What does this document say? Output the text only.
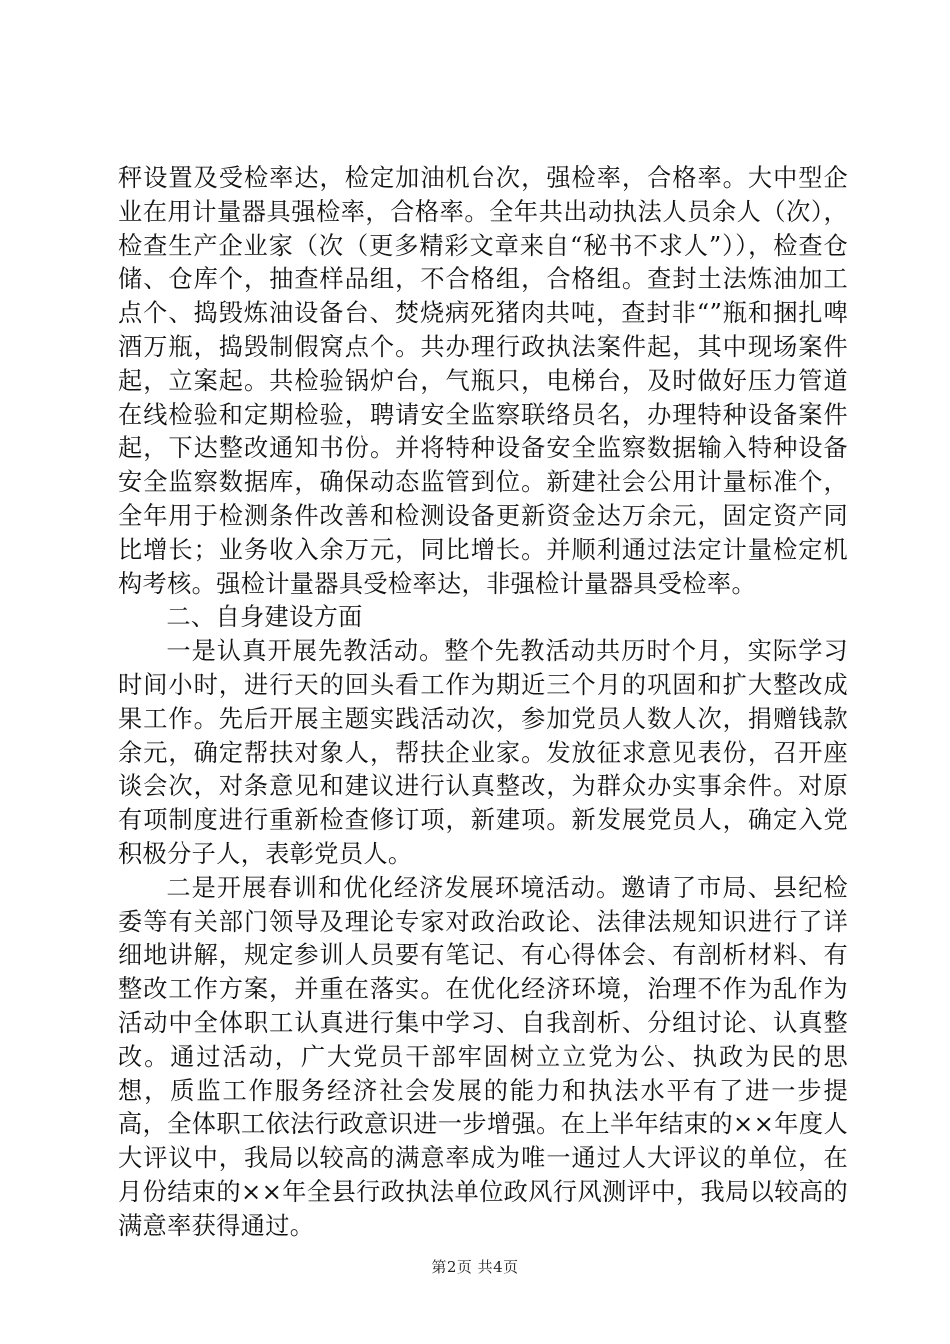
秤设置及受检率达，检定加油机台次，强检率，合格率。大中型企业在用计量器具强检率，合格率。全年共出动执法人员余人（次），检查生产企业家（次（更多精彩文章来自“秘书不求人”）），检查仓储、仓库个，抽查样品组，不合格组，合格组。查封土法炼油加工点个、捣毁炼油设备台、焚烧病死猪肉共吨，查封非“”瓶和捆扎啤酒万瓶，捣毁制假窝点个。共办理行政执法案件起，其中现场案件起，立案起。共检验锅炉台，气瓶只，电梯台，及时做好压力管道在线检验和定期检验，聘请安全监察联络员名，办理特种设备案件起，下达整改通知书份。并将特种设备安全监察数据输入特种设备安全监察数据库，确保动态监管到位。新建社会公用计量标准个，全年用于检测条件改善和检测设备更新资金达万余元，固定资产同比增长；业务收入余万元，同比增长。并顺利通过法定计量检定机构考核。强检计量器具受检率达，非强检计量器具受检率。

二、自身建设方面

一是认真开展先教活动。整个先教活动共历时个月，实际学习时间小时，进行天的回头看工作为期近三个月的巩固和扩大整改成果工作。先后开展主题实践活动次，参加党员人数人次，捐赠钱款余元，确定帮扶对象人，帮扶企业家。发放征求意见表份，召开座谈会次，对条意见和建议进行认真整改，为群众办实事余件。对原有项制度进行重新检查修订项，新建项。新发展党员人，确定入党积极分子人，表彰党员人。

二是开展春训和优化经济发展环境活动。邀请了市局、县纪检委等有关部门领导及理论专家对政治政论、法律法规知识进行了详细地讲解，规定参训人员要有笔记、有心得体会、有剖析材料、有整改工作方案，并重在落实。在优化经济环境，治理不作为乱作为活动中全体职工认真进行集中学习、自我剖析、分组讨论、认真整改。通过活动，广大党员干部牢固树立立党为公、执政为民的思想，质监工作服务经济社会发展的能力和执法水平有了进一步提高，全体职工依法行政意识进一步增强。在上半年结束的××年度人大评议中，我局以较高的满意率成为唯一通过人大评议的单位，在月份结束的××年全县行政执法单位政风行风测评中，我局以较高的满意率获得通过。

第2页 共4页
